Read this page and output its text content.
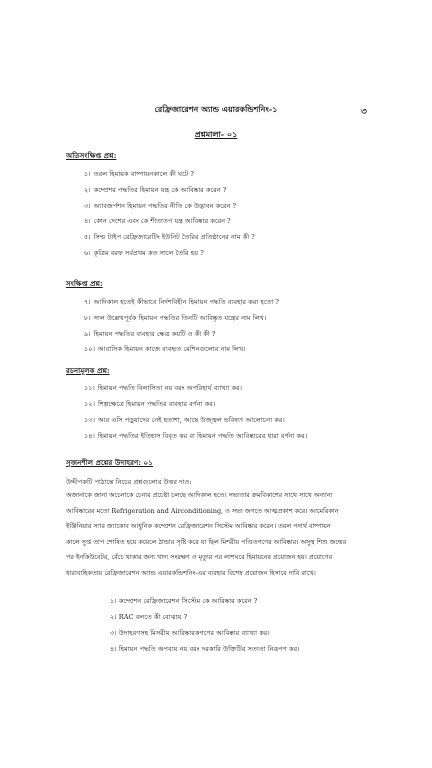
রেফ্রিজারেশন অ্যান্ড এয়ারকন্ডিশনিং-১	৩
প্রশ্নমালা- ০১
অতিসংক্ষিপ্ত প্রশ্ন:
১। তরল হিমায়ক বাষ্পায়নকালে কী ঘটে ?
২। কম্প্রেশর পদ্ধতির হিমায়ন যন্ত্র কে আবিষ্কার করেন ?
৩। অ্যাবজর্পশন হিমায়ন পদ্ধতির নীতি কে উদ্ভাবন করেন ?
৪। কোন দেশের এবং কে শীতাতপ যন্ত্র আবিষ্কার করেন ?
৫। সিল্ড টাইপ রেফ্রিজারেটিং ইউনিট তৈরির প্রতিষ্ঠানের নাম কী ?
৬। কৃত্রিম বরফ সর্বপ্রথম কত সালে তৈরি হয় ?
সংক্ষিপ্ত প্রশ্ন:
৭। আদিকাল হতেই কীভাবে নির্দশবিহীন হিমায়ন পদ্ধতি ব্যবহার করা হতো ?
৮। সাল উল্লেখপূর্বক হিমায়ন পদ্ধতির তিনটি আবিষ্কৃত যন্ত্রের নাম লিখ।
৯। হিমায়ন পদ্ধতির ব্যবহার ক্ষেত্র কয়টি ও কী কী ?
১০। আবাসিক হিমায়ন কাজে ব্যবহৃত মেশিনগুলোর নাম লিখ।
রচনামূলক প্রশ্ন:
১১। হিমায়ন পদ্ধতি বিলাসিতা নয় বরং অপরিহার্য ব্যাখ্যা কর।
১২। শিল্পক্ষেত্রে হিমায়ন পদ্ধতির ব্যবহার বর্ণনা কর।
১৩। আর এসি পড়ুয়াদের নেই হতাশা, আছে উজ্জ্বল ভবিষ্যৎ আলোচনা কর।
১৪। হিমায়ন পদ্ধতির ইতিহাস বিবৃত কর বা হিমায়ন পদ্ধতি আবিষ্কারের ধারা বর্ণনা কর।
সৃজনশীল প্রশ্নের উদাহরণ: ০১
উদ্দীপকটি পাঠান্তে নিচের প্রশ্নগুলোর উত্তর দাও:
অজানাকে জানা অচেনাকে চেনার প্রচেষ্টা চলছে আদিকাল হতে। সভ্যতার ক্রমবিকাশের সাথে সাথে অন্যান্য
আবিষ্কারের মতো Refrigeration and Airconditioning, ও সভ্য জগতে আত্মপ্রকাশ করে। আমেরিকান
ইঞ্জিনিয়ার স্যার জ্যাকোব আধুনিক কম্প্রেশন রেফ্রিজারেশন সিস্টেম আবিষ্কার করেন। তরল পদার্থ বাষ্পায়ন
কালে সুপ্ত তাপ শোষিত হয়ে কয়েলে ঠান্ডার সৃষ্টি করে যা ছিল মিশরীয় পণ্ডিতগণের আবিষ্কার। অসুস্থ শিশু জন্মের
পর ইনকিউবেটর, বেঁচে থাকার জন্য খাদ্য সংরক্ষণ ও মৃত্যুর পর লাশঘরে হিমায়নের প্রয়োজন হয়। প্রয়োগের
ধারাবাহিকতায় রেফ্রিজারেশন অ্যান্ড এয়ারকন্ডিশনিং-এর ব্যবহার বিশেষ প্রয়োজন হিসাবে দাবি রাখে।
১। কম্প্রেশন রেফ্রিজারেশন সিস্টেম কে আবিষ্কার করেন ?
২। RAC বলতে কী বোঝায় ?
৩। উদাহরণসহ মিসরীয় আবিষ্কারকগণের আবিষ্কার ব্যাখ্যা কর।
৪। হিমায়ন পদ্ধতি অপব্যয় নয় বরং দরকারি উক্তিটির সত্যতা নিরূপণ কর।
